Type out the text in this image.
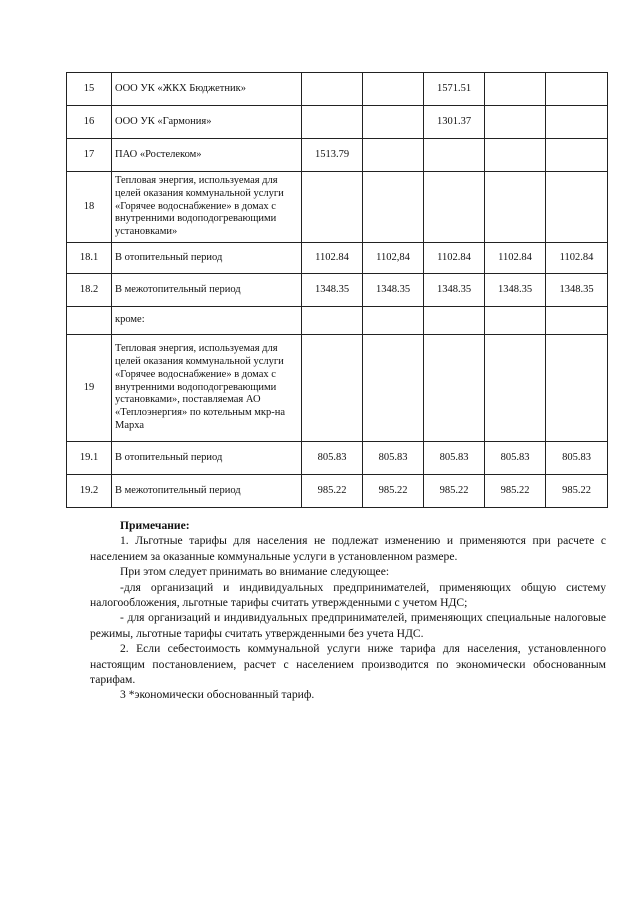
15	ООО УК «ЖКХ Бюджетник»			1571.51		
16	ООО УК «Гармония»			1301.37		
17	ПАО «Ростелеком»	1513.79				
18	Тепловая энергия, используемая для целей оказания коммунальной услуги «Горячее водоснабжение» в домах с внутренними водоподогревающими установками»					
18.1	В отопительный период	1102.84	1102,84	1102.84	1102.84	1102.84
18.2	В межотопительный период	1348.35	1348.35	1348.35	1348.35	1348.35
	кроме:					
19	Тепловая энергия, используемая для целей оказания коммунальной услуги «Горячее водоснабжение» в домах с внутренними водоподогревающими установками», поставляемая АО «Теплоэнергия» по котельным мкр-на Марха					
19.1	В отопительный период	805.83	805.83	805.83	805.83	805.83
19.2	В межотопительный период	985.22	985.22	985.22	985.22	985.22

Примечание:

1. Льготные тарифы для населения не подлежат изменению и применяются при расчете с населением за оказанные коммунальные услуги в установленном размере.

При этом следует принимать во внимание следующее:

-для организаций и индивидуальных предпринимателей, применяющих общую систему налогообложения, льготные тарифы считать утвержденными с учетом НДС;

- для организаций и индивидуальных предпринимателей, применяющих специальные налоговые режимы, льготные тарифы считать утвержденными без учета НДС.

2. Если себестоимость коммунальной услуги ниже тарифа для населения, установленного настоящим постановлением, расчет с населением производится по экономически обоснованным тарифам.

3 *экономически обоснованный тариф.
